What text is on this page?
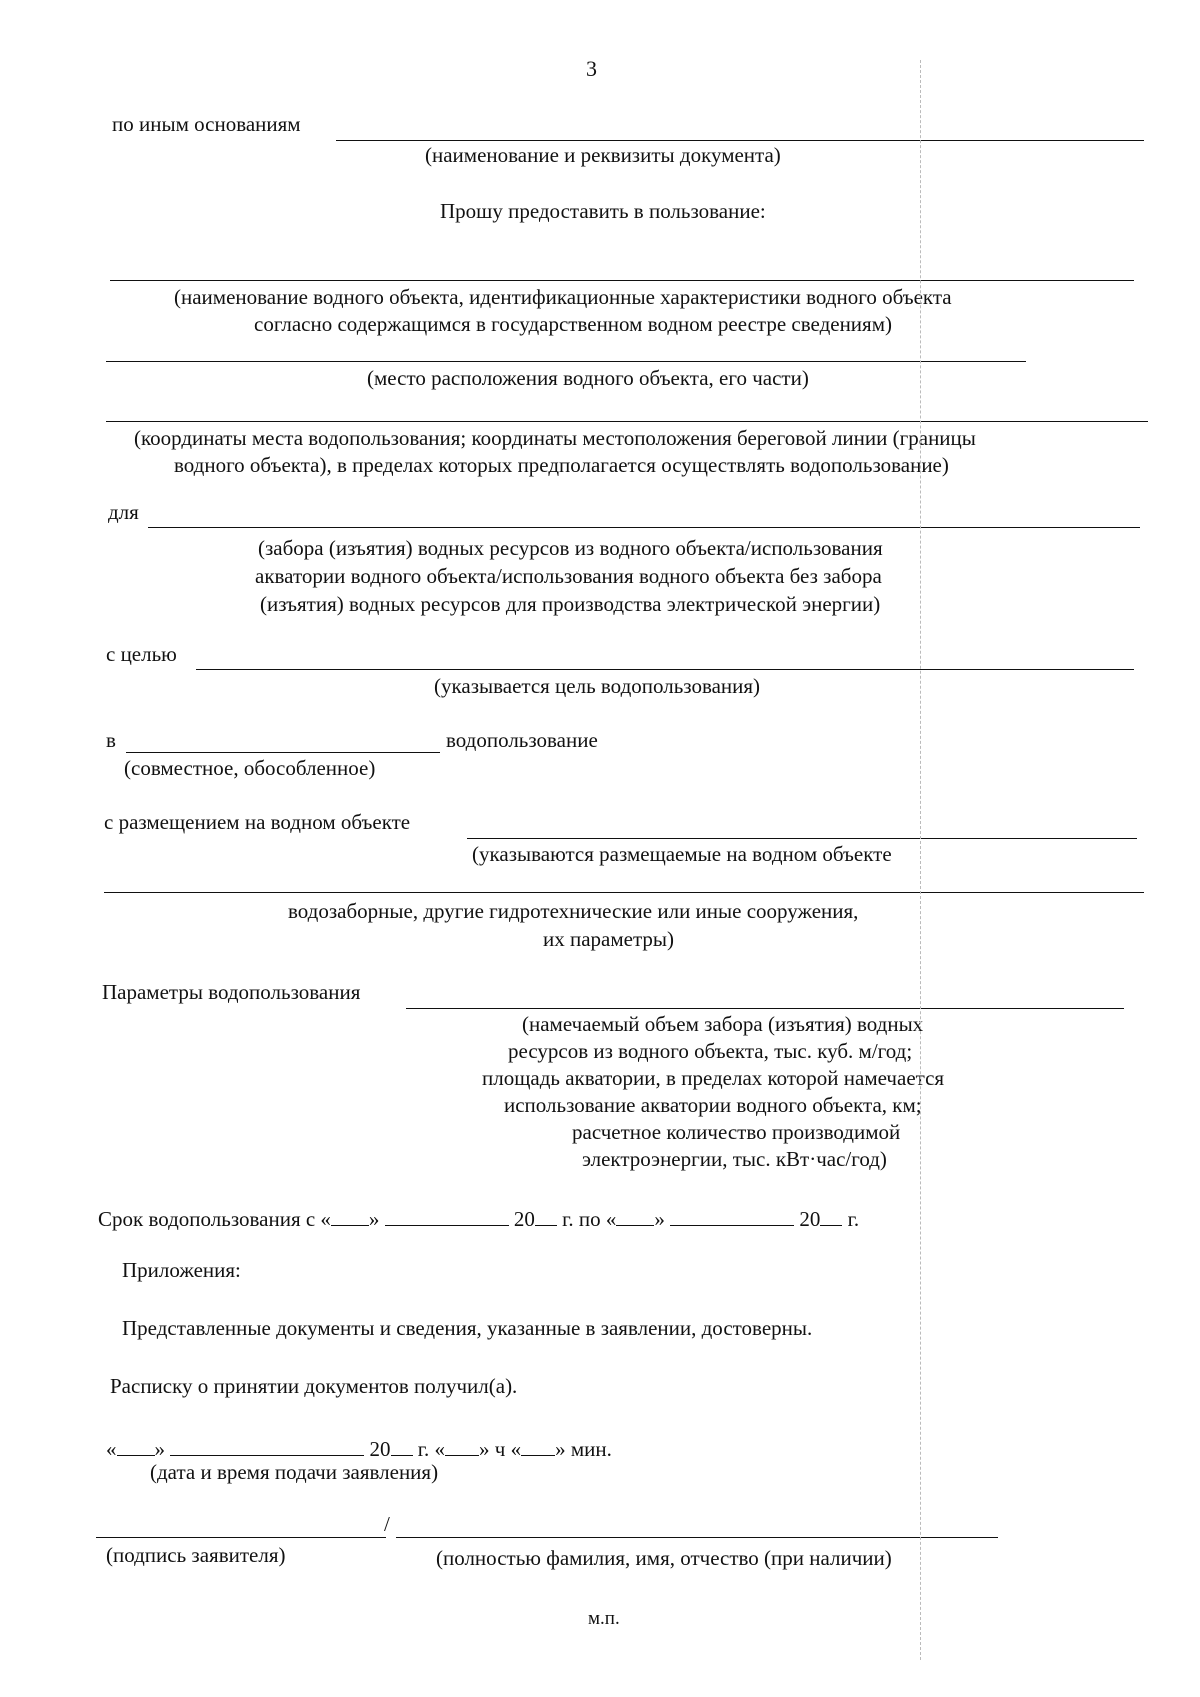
3
по иным основаниям
(наименование и реквизиты документа)
Прошу предоставить в пользование:
(наименование водного объекта, идентификационные характеристики водного объекта
согласно содержащимся в государственном водном реестре сведениям)
(место расположения водного объекта, его части)
(координаты места водопользования; координаты местоположения береговой линии (границы
водного объекта), в пределах которых предполагается осуществлять водопользование)
для
(забора (изъятия) водных ресурсов из водного объекта/использования
акватории водного объекта/использования водного объекта без забора
(изъятия) водных ресурсов для производства электрической энергии)
с целью
(указывается цель водопользования)
в	водопользование
(совместное, обособленное)
с размещением на водном объекте
(указываются размещаемые на водном объекте
водозаборные, другие гидротехнические или иные сооружения,
их параметры)
Параметры водопользования
(намечаемый объем забора (изъятия) водных
ресурсов из водного объекта, тыс. куб. м/год;
площадь акватории, в пределах которой намечается
использование акватории водного объекта, км;
расчетное количество производимой
электроэнергии, тыс. кВт·час/год)
Срок водопользования с « »	20 г. по « »	20 г.
Приложения:
Представленные документы и сведения, указанные в заявлении, достоверны.
Расписку о принятии документов получил(а).
« »	20 г. « » ч « » мин.
(дата и время подачи заявления)
/
(подпись заявителя)	(полностью фамилия, имя, отчество (при наличии)
м.п.
